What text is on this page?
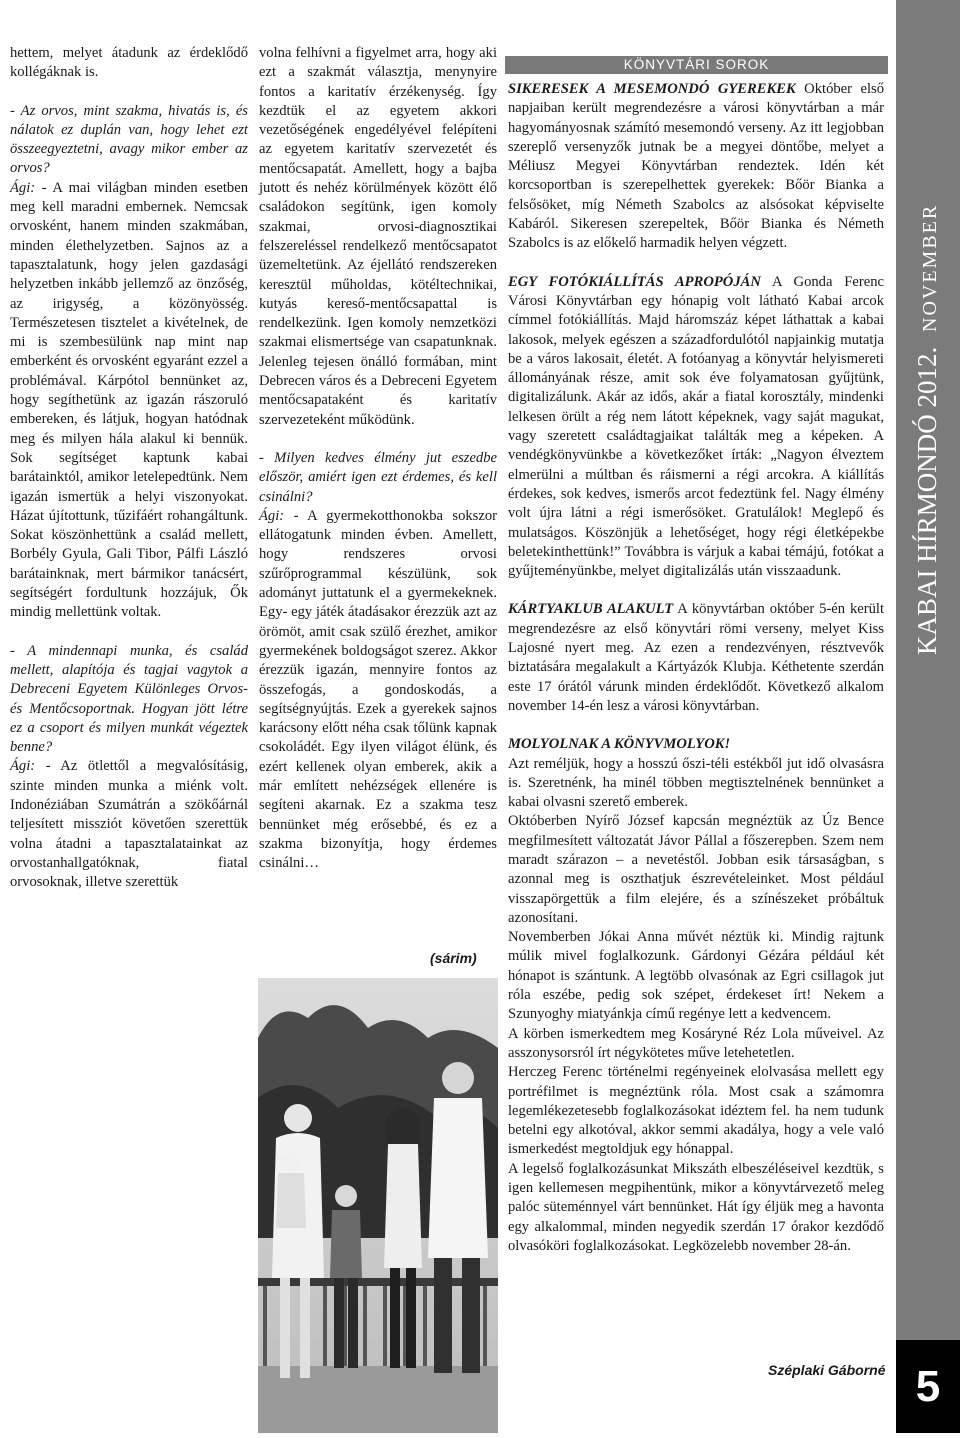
hettem, melyet átadunk az érdeklődő kollégáknak is.

- Az orvos, mint szakma, hivatás is, és nálatok ez duplán van, hogy lehet ezt összeegyeztetni, avagy mikor ember az orvos?

Ági: - A mai világban minden esetben meg kell maradni embernek. Nemcsak orvosként, hanem minden szakmában, minden élethelyzetben. Sajnos az a tapasztalatunk, hogy jelen gazdasági helyzetben inkább jellemző az önzőség, az irigység, a közönyösség. Természetesen tisztelet a kivételnek, de mi is szembesülünk nap mint nap emberként és orvosként egyaránt ezzel a problémával. Kárpótol bennünket az, hogy segíthetünk az igazán rászoruló embereken, és látjuk, hogyan hatódnak meg és milyen hála alakul ki bennük. Sok segítséget kaptunk kabai barátainktól, amikor letelepedtünk. Nem igazán ismertük a helyi viszonyokat. Házat újítottunk, tűzifáért rohangáltunk. Sokat köszönhettünk a család mellett, Borbély Gyula, Gali Tibor, Pálfi László barátainknak, mert bármikor tanácsért, segítségért fordultunk hozzájuk, Ők mindig mellettünk voltak.

- A mindennapi munka, és család mellett, alapítója és tagjai vagytok a Debreceni Egyetem Különleges Orvos- és Mentőcsoportnak. Hogyan jött létre ez a csoport és milyen munkát végeztek benne?

Ági: - Az ötlettől a megvalósításig, szinte minden munka a miénk volt. Indonéziában Szumátrán a szökőárnál teljesített missziót követően szerettük volna átadni a tapasztalatainkat az orvostanhallgatóknak, fiatal orvosoknak, illetve szerettük

volna felhívni a figyelmet arra, hogy aki ezt a szakmát választja, menynyire fontos a karitatív érzékenység. Így kezdtük el az egyetem akkori vezetőségének engedélyével felépíteni az egyetem karitatív szervezetét és mentőcsapatát. Amellett, hogy a bajba jutott és nehéz körülmények között élő családokon segítünk, igen komoly szakmai, orvosi-diagnosztikai felszereléssel rendelkező mentőcsapatot üzemeltetünk. Az éjellátó rendszereken keresztül műholdas, kötéltechnikai, kutyás kereső-mentőcsapattal is rendelkezünk. Igen komoly nemzetközi szakmai elismertsége van csapatunknak. Jelenleg tejesen önálló formában, mint Debrecen város és a Debreceni Egyetem mentőcsapataként és karitatív szervezeteként működünk.

- Milyen kedves élmény jut eszedbe először, amiért igen ezt érdemes, és kell csinálni?

Ági: - A gyermekotthonokba sokszor ellátogatunk minden évben. Amellett, hogy rendszeres orvosi szűrőprogrammal készülünk, sok adományt juttatunk el a gyermekeknek. Egy- egy játék átadásakor érezzük azt az örömöt, amit csak szülő érezhet, amikor gyermekének boldogságot szerez. Akkor érezzük igazán, mennyire fontos az összefogás, a gondoskodás, a segítségnyújtás. Ezek a gyerekek sajnos karácsony előtt néha csak tőlünk kapnak csokoládét. Egy ilyen világot élünk, és ezért kellenek olyan emberek, akik a már említett nehézségek ellenére is segíteni akarnak. Ez a szakma tesz bennünket még erősebbé, és ez a szakma bizonyítja, hogy érdemes csinálni…

(sárim)
KÖNYVTÁRI SOROK

SIKERESEK A MESEMONDÓ GYEREKEK Október első napjaiban került megrendezésre a városi könyvtárban a már hagyományosnak számító mesemondó verseny. Az itt legjobban szereplő versenyzők jutnak be a megyei döntőbe, melyet a Méliusz Megyei Könyvtárban rendeztek. Idén két korcsoportban is szerepelhettek gyerekek: Bőör Bianka a felsősöket, míg Németh Szabolcs az alsósokat képviselte Kabáról. Sikeresen szerepeltek, Bőör Bianka és Németh Szabolcs is az előkelő harmadik helyen végzett.

EGY FOTÓKIÁLLÍTÁS APROPÓJÁN A Gonda Ferenc Városi Könyvtárban egy hónapig volt látható Kabai arcok címmel fotókiállítás. Majd háromszáz képet láthattak a kabai lakosok, melyek egészen a századfordulótól napjainkig mutatja be a város lakosait, életét. A fotóanyag a könyvtár helyismereti állományának része, amit sok éve folyamatosan gyűjtünk, digitalizálunk. Akár az idős, akár a fiatal korosztály, mindenki lelkesen örült a rég nem látott képeknek, vagy saját magukat, vagy szeretett családtagjaikat találták meg a képeken. A vendégkönyvünkbe a következőket írták: „Nagyon élveztem elmerülni a múltban és ráismerni a régi arcokra. A kiállítás érdekes, sok kedves, ismerős arcot fedeztünk fel. Nagy élmény volt újra látni a régi ismerősöket. Gratulálok! Meglepő és mulatságos. Köszönjük a lehetőséget, hogy régi életképekbe beletekinthettünk!” Továbbra is várjuk a kabai témájú, fotókat a gyűjteményünkbe, melyet digitalizálás után visszaadunk.

KÁRTYAKLUB ALAKULT A könyvtárban október 5-én került megrendezésre az első könyvtári römi verseny, melyet Kiss Lajosné nyert meg. Az ezen a rendezvényen, résztvevők biztatására megalakult a Kártyázók Klubja. Kéthetente szerdán este 17 órától várunk minden érdeklődőt. Következő alkalom november 14-én lesz a városi könyvtárban.

MOLYOLNAK A KÖNYVMOLYOK!

Azt reméljük, hogy a hosszú őszi-téli estékből jut idő olvasásra is. Szeretnénk, ha minél többen megtisztelnének bennünket a kabai olvasni szerető emberek.

Októberben Nyírő József kapcsán megnéztük az Úz Bence megfilmesített változatát Jávor Pállal a főszerepben. Szem nem maradt szárazon – a nevetéstől. Jobban esik társaságban, s azonnal meg is oszthatjuk észrevételeinket. Most például visszapörgettük a film elejére, és a színészeket próbáltuk azonosítani.

Novemberben Jókai Anna művét néztük ki. Mindig rajtunk múlik mivel foglalkozunk. Gárdonyi Gézára például két hónapot is szántunk. A legtöbb olvasónak az Egri csillagok jut róla eszébe, pedig sok szépet, érdekeset írt! Nekem a Szunyoghy miatyánkja című regénye lett a kedvencem.

A körben ismerkedtem meg Kosáryné Réz Lola műveivel. Az asszonysorsról írt négykötetes műve letehetetlen.

Herczeg Ferenc történelmi regényeinek elolvasása mellett egy portréfilmet is megnéztünk róla. Most csak a számomra legemlékezetesebb foglalkozásokat idéztem fel. ha nem tudunk betelni egy alkotóval, akkor semmi akadálya, hogy a vele való ismerkedést megtoldjuk egy hónappal.

A legelső foglalkozásunkat Mikszáth elbeszéléseivel kezdtük, s igen kellemesen megpihentünk, mikor a könyvtárvezető meleg palóc süteménnyel várt bennünket. Hát így éljük meg a havonta egy alkalommal, minden negyedik szerdán 17 órakor kezdődő olvasóköri foglalkozásokat. Legközelebb november 28-án.

Széplaki Gáborné
KABAI HÍRMONDÓ 2012. NOVEMBER
5
